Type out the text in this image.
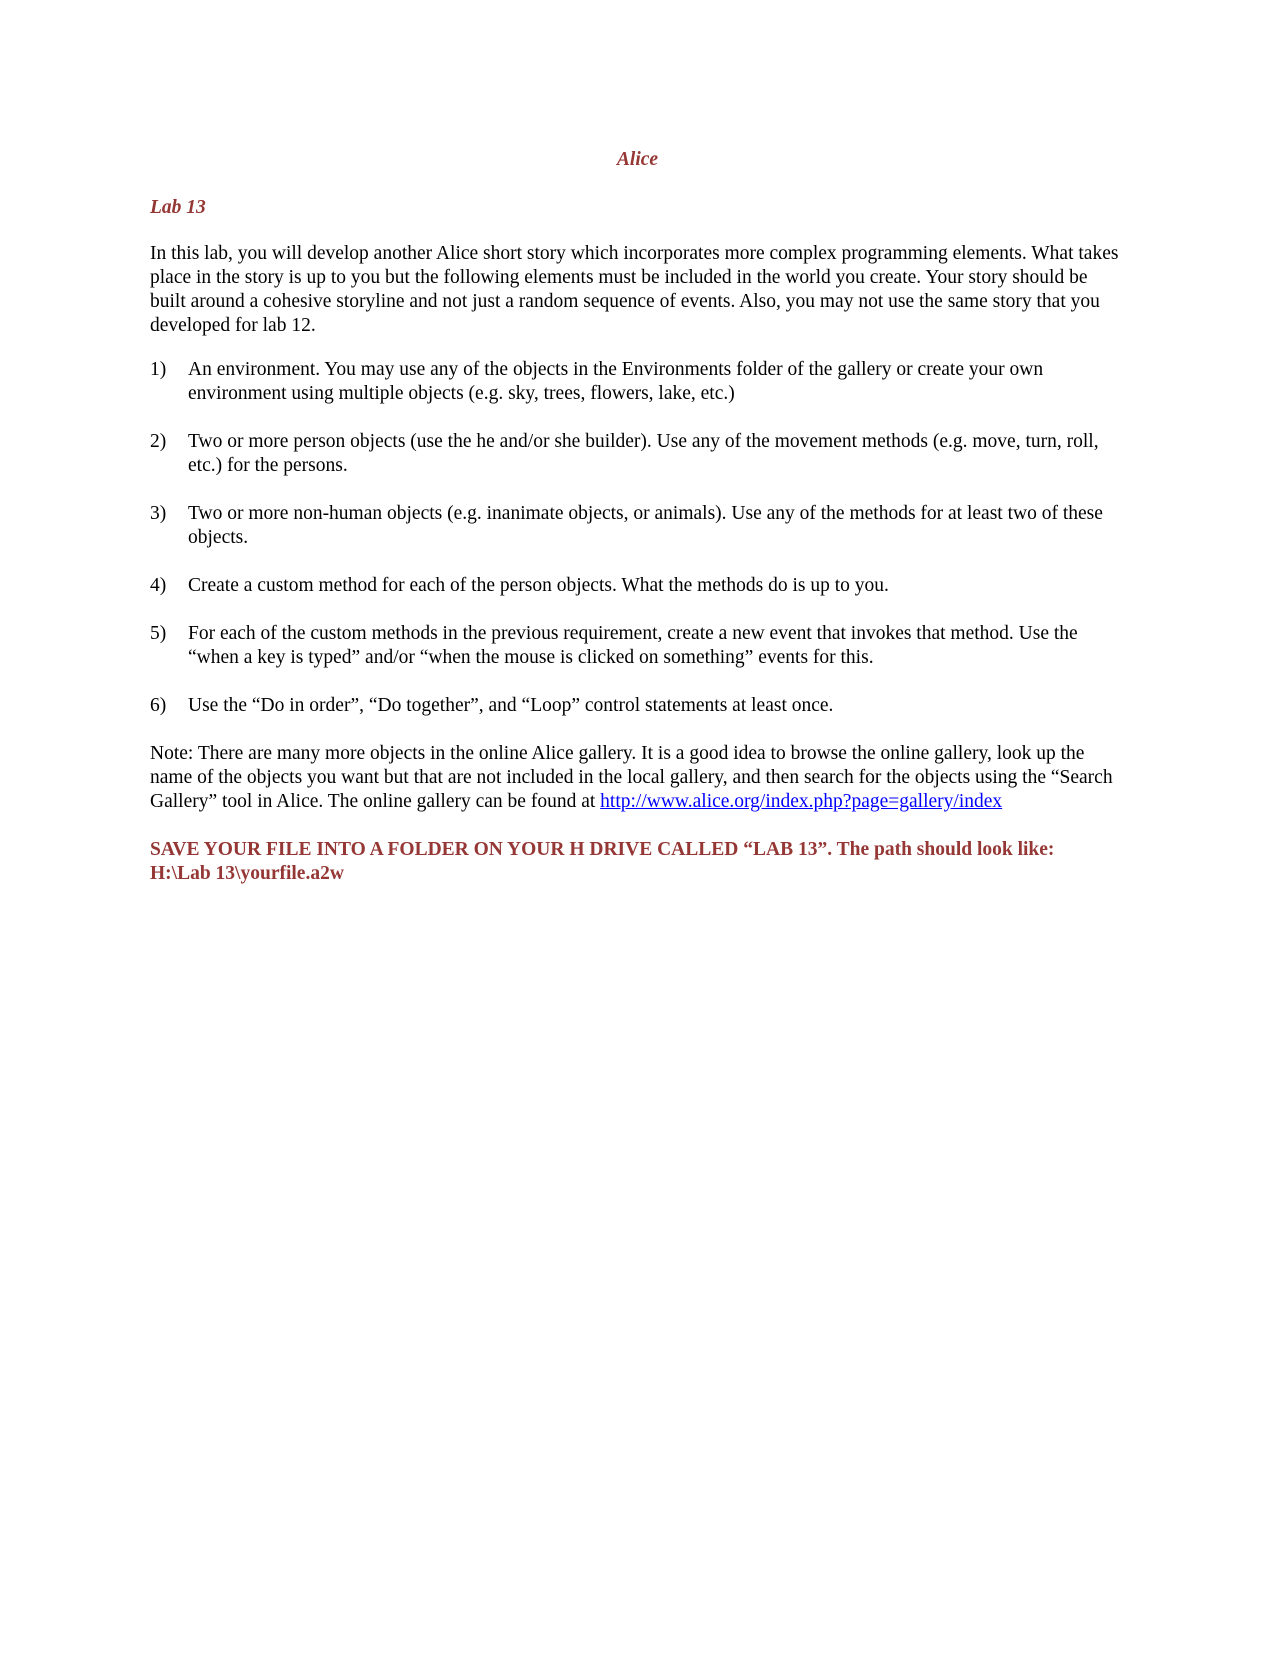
Alice

Lab 13

In this lab, you will develop another Alice short story which incorporates more complex programming elements. What takes place in the story is up to you but the following elements must be included in the world you create. Your story should be built around a cohesive storyline and not just a random sequence of events. Also, you may not use the same story that you developed for lab 12.

1)	An environment. You may use any of the objects in the Environments folder of the gallery or create your own environment using multiple objects (e.g. sky, trees, flowers, lake, etc.)
2)	Two or more person objects (use the he and/or she builder). Use any of the movement methods (e.g. move, turn, roll, etc.) for the persons.
3)	Two or more non-human objects (e.g. inanimate objects, or animals). Use any of the methods for at least two of these objects.
4)	Create a custom method for each of the person objects. What the methods do is up to you.
5)	For each of the custom methods in the previous requirement, create a new event that invokes that method. Use the “when a key is typed” and/or “when the mouse is clicked on something” events for this.
6)	Use the “Do in order”, “Do together”, and “Loop” control statements at least once.

Note: There are many more objects in the online Alice gallery. It is a good idea to browse the online gallery, look up the name of the objects you want but that are not included in the local gallery, and then search for the objects using the “Search Gallery” tool in Alice. The online gallery can be found at http://www.alice.org/index.php?page=gallery/index

SAVE YOUR FILE INTO A FOLDER ON YOUR H DRIVE CALLED “LAB 13”. The path should look like:
H:\Lab 13\yourfile.a2w
